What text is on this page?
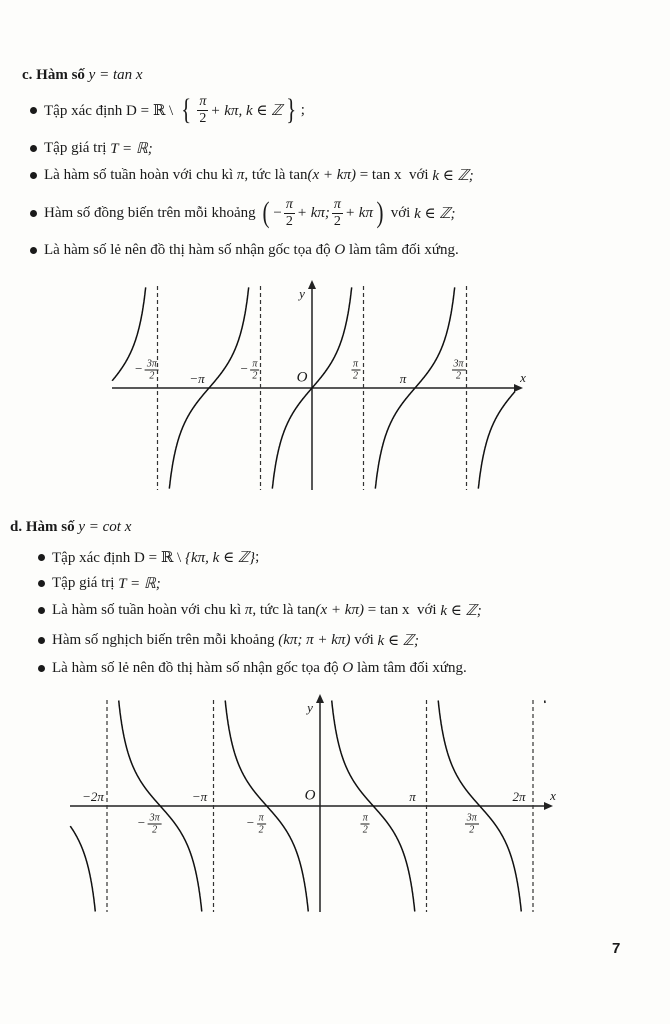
c. Hàm số y = tan x
Tập xác định D = ℝ \ { $\frac{\pi}{2} + k\pi$, k ∈ ℤ } ;
Tập giá trị T = ℝ;
Là hàm số tuần hoàn với chu kì π , tức là tan (x + kπ) = tan x  với k ∈ ℤ;
Hàm số đồng biến trên mỗi khoảng ( − $\frac{\pi}{2} + k\pi$; $\frac{\pi}{2} + k\pi$ ) với k ∈ ℤ;
Là hàm số lẻ nên đồ thị hàm số nhận gốc tọa độ O làm tâm đối xứng.
d. Hàm số y = cot x
Tập xác định D = ℝ \ {kπ, k ∈ ℤ} ;
Tập giá trị T = ℝ;
Là hàm số tuần hoàn với chu kì π , tức là tan (x + kπ) = tan x  với k ∈ ℤ;
Hàm số nghịch biến trên mỗi khoảng (kπ; π + kπ) với k ∈ ℤ;
Là hàm số lẻ nên đồ thị hàm số nhận gốc tọa độ O làm tâm đối xứng.
x
y
O
− $\frac{3\pi}{2} -\pi$
− $\frac{\pi}{2}$	$\frac{\pi}{2}$	π	$\frac{3\pi}{2}$
x
y
O
−2π
− $\frac{3\pi}{2}$
−π
− $\frac{\pi}{2}$	$\frac{\pi}{2}$
π
$\frac{3\pi}{2}$
2π
7
